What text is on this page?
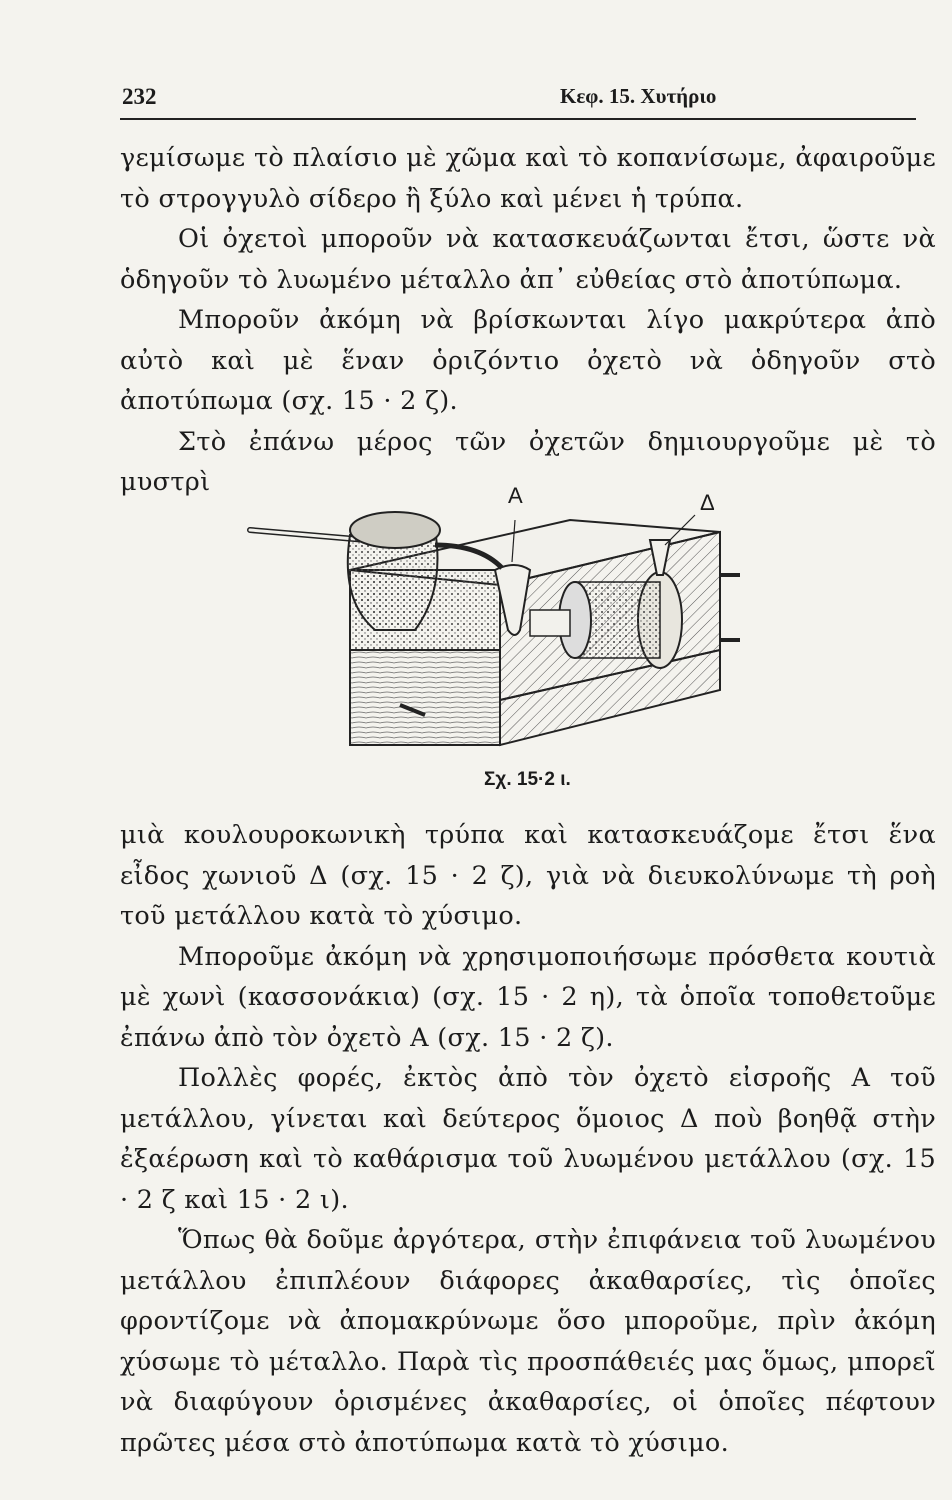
232	Κεφ. 15. Χυτήριο

γεμίσωμε τὸ πλαίσιο μὲ χῶμα καὶ τὸ κοπανίσωμε, ἀφαιροῦμε τὸ στρογγυλὸ σίδερο ἢ ξύλο καὶ μένει ἡ τρύπα.

Οἱ ὀχετοὶ μποροῦν νὰ κατασκευάζωνται ἔτσι, ὥστε νὰ ὁδηγοῦν τὸ λυωμένο μέταλλο ἀπ᾿ εὐθείας στὸ ἀποτύπωμα.

Μποροῦν ἀκόμη νὰ βρίσκωνται λίγο μακρύτερα ἀπὸ αὐτὸ καὶ μὲ ἕναν ὁριζόντιο ὀχετὸ νὰ ὁδηγοῦν στὸ ἀποτύπωμα (σχ. 15 · 2 ζ).

Στὸ ἐπάνω μέρος τῶν ὀχετῶν δημιουργοῦμε μὲ τὸ μυστρὶ	Α	Δ
Σχ. 15·2 ι.

μιὰ κουλουροκωνικὴ τρύπα καὶ κατασκευάζομε ἔτσι ἕνα εἶδος χωνιοῦ Δ (σχ. 15 · 2 ζ), γιὰ νὰ διευκολύνωμε τὴ ροὴ τοῦ μετάλλου κατὰ τὸ χύσιμο.

Μποροῦμε ἀκόμη νὰ χρησιμοποιήσωμε πρόσθετα κουτιὰ μὲ χωνὶ (κασσονάκια) (σχ. 15 · 2 η), τὰ ὁποῖα τοποθετοῦμε ἐπάνω ἀπὸ τὸν ὀχετὸ Α (σχ. 15 · 2 ζ).

Πολλὲς φορές, ἐκτὸς ἀπὸ τὸν ὀχετὸ εἰσροῆς Α τοῦ μετάλλου, γίνεται καὶ δεύτερος ὅμοιος Δ ποὺ βοηθᾷ στὴν ἐξαέρωση καὶ τὸ καθάρισμα τοῦ λυωμένου μετάλλου (σχ. 15 · 2 ζ καὶ 15 · 2 ι).

Ὅπως θὰ δοῦμε ἀργότερα, στὴν ἐπιφάνεια τοῦ λυωμένου μετάλλου ἐπιπλέουν διάφορες ἀκαθαρσίες, τὶς ὁποῖες φροντίζομε νὰ ἀπομακρύνωμε ὅσο μποροῦμε, πρὶν ἀκόμη χύσωμε τὸ μέταλλο. Παρὰ τὶς προσπάθειές μας ὅμως, μπορεῖ νὰ διαφύγουν ὁρισμένες ἀκαθαρσίες, οἱ ὁποῖες πέφτουν πρῶτες μέσα στὸ ἀποτύπωμα κατὰ τὸ χύσιμο.
